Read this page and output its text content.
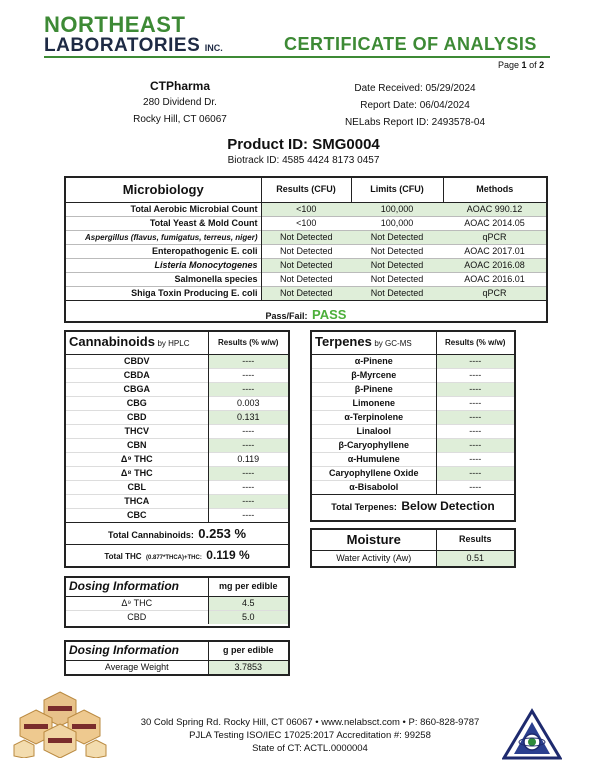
NORTHEAST
LABORATORIES INC.	CERTIFICATE OF ANALYSIS
Page 1 of 2
CTPharma
280 Dividend Dr.
Rocky Hill, CT 06067
Date Received: 05/29/2024
Report Date: 06/04/2024
NELabs Report ID: 2493578-04
Product ID: SMG0004
Biotrack ID: 4585 4424 8173 0457
Microbiology	Results (CFU)	Limits (CFU)	Methods
Total Aerobic Microbial Count	<100	100,000	AOAC 990.12
Total Yeast & Mold Count	<100	100,000	AOAC 2014.05
Aspergillus (flavus, fumigatus, terreus, niger)	Not Detected	Not Detected	qPCR
Enteropathogenic E. coli	Not Detected	Not Detected	AOAC 2017.01
Listeria Monocytogenes	Not Detected	Not Detected	AOAC 2016.08
Salmonella species	Not Detected	Not Detected	AOAC 2016.01
Shiga Toxin Producing E. coli	Not Detected	Not Detected	qPCR
Pass/Fail: PASS
Cannabinoids by HPLC	Results (% w/w)
CBDV	----
CBDA	----
CBGA	----
CBG	0.003
CBD	0.131
THCV	----
CBN	----
Δ⁹ THC	0.119
Δ⁸ THC	----
CBL	----
THCA	----
CBC	----
Total Cannabinoids: 0.253 %
Total THC (0.877*THCA)+THC: 0.119 %
Terpenes by GC-MS	Results (% w/w)
α-Pinene	----
β-Myrcene	----
β-Pinene	----
Limonene	----
α-Terpinolene	----
Linalool	----
β-Caryophyllene	----
α-Humulene	----
Caryophyllene Oxide	----
α-Bisabolol	----
Total Terpenes: Below Detection
Moisture	Results
Water Activity (Aw)	0.51
Dosing Information	mg per edible
Δ⁹ THC	4.5
CBD	5.0
Dosing Information	g per edible
Average Weight	3.7853
30 Cold Spring Rd. Rocky Hill, CT 06067 • www.nelabsct.com • P: 860-828-9787
PJLA Testing ISO/IEC 17025:2017 Accreditation #: 99258
State of CT: ACTL.0000004
